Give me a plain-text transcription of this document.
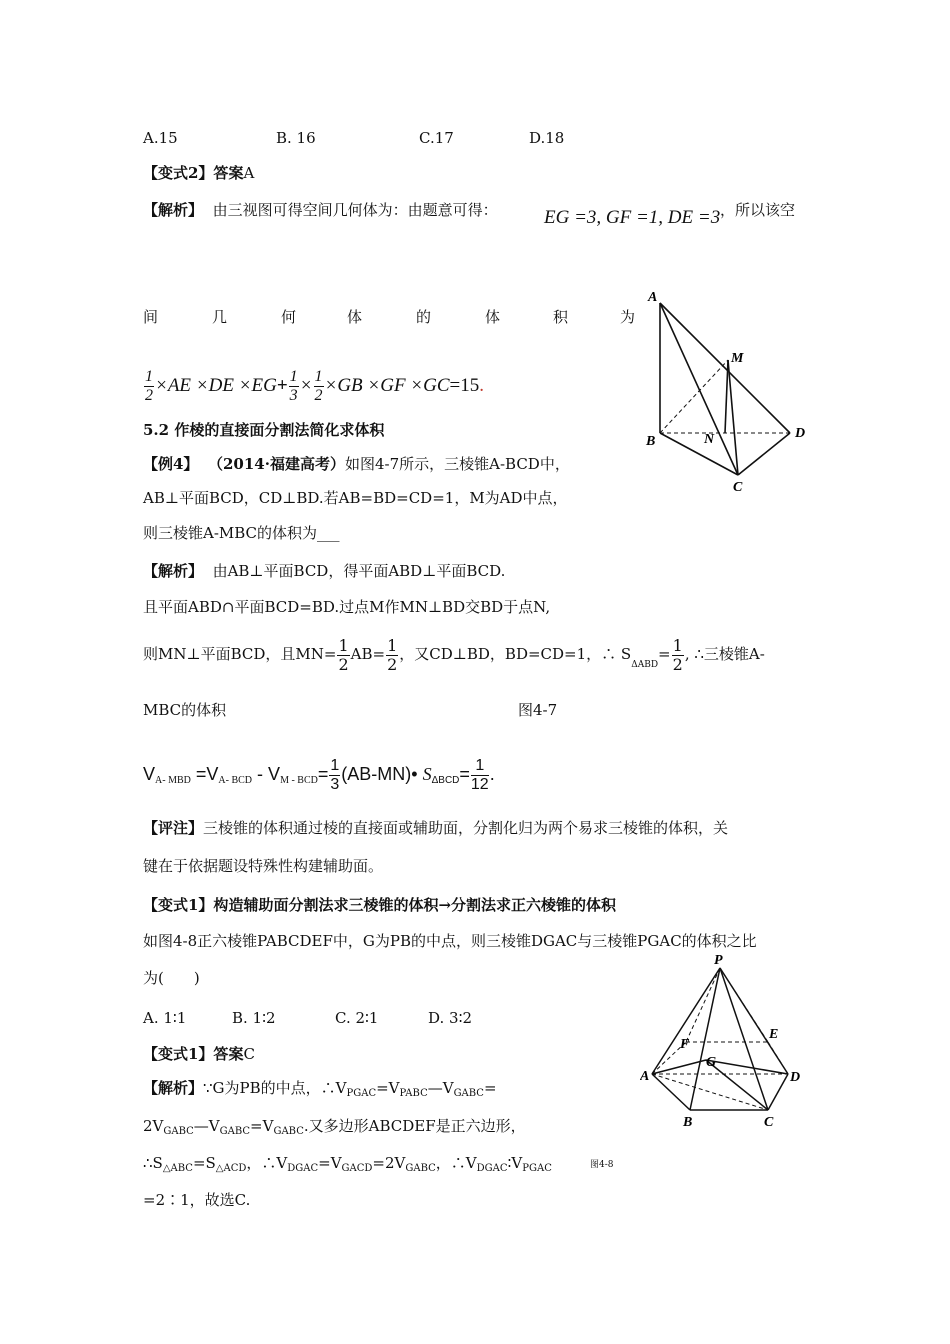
A.15	B. 16	C.17	D.18
【变式2】答案A
【解析】 由三视图可得空间几何体为：由题意可得： EG =3, GF =1, DE =3 ，所以该空
间	几	何	体	的	体	积	为
$\frac{1}{2} \times AE \times DE \times EG+ \frac{1}{3} \times \frac{1}{2} \times GB \times GF \times GC=15$.
5.2 作棱的直接面分割法简化求体积
【例4】 （2014·福建高考）如图4-7所示，三棱锥A-BCD中，
AB⊥平面BCD，CD⊥BD.若AB=BD=CD=1，M为AD中点，
则三棱锥A-MBC的体积为___
【解析】 由AB⊥平面BCD，得平面ABD⊥平面BCD.
且平面ABD∩平面BCD=BD.过点M作MN⊥BD交BD于点N,
则MN⊥平面BCD，且$MN= \frac{1}{2} AB= \frac{1}{2}$ ，又CD⊥BD，BD=CD=1，∴ $S_{\Delta ABD}= \frac{1}{2}$ , ∴三棱锥A-
MBC的体积	图4-7
$V_{A- MBD} =V_{A- BCD} - V_{M - BCD}= \frac{1}{3}$ (AB-MN)• $S_{\Delta BCD}= \frac{1}{12}$ .
【评注】三棱锥的体积通过棱的直接面或辅助面，分割化归为两个易求三棱锥的体积，关
键在于依据题设特殊性构建辅助面。
【变式1】构造辅助面分割法求三棱锥的体积→分割法求正六棱锥的体积
如图4-8正六棱锥PABCDEF中，G为PB的中点，则三棱锥DGAC与三棱锥PGAC的体积之比
为(　　)
A. 1∶1	B. 1∶2	C. 2∶1	D. 3∶2
【变式1】答案C
【解析】∵G为PB的中点，$\therefore V_{PGAC}=V_{PABC}—V_{GABC}=$
$2V_{GABC}—V_{GABC}=V_{GABC}$.又多边形ABCDEF是正六边形，
$\therefore S_{\triangle ABC}=S_{\triangle ACD}$，$\therefore V_{DGAC}=V_{GACD}=2V_{GABC}$，$\therefore V_{DGAC}∶V_{PGAC}$	图4-8
=2∶1，故选C.
A
B
C
D
M
N
P
A
B	C
D
E
F
G
